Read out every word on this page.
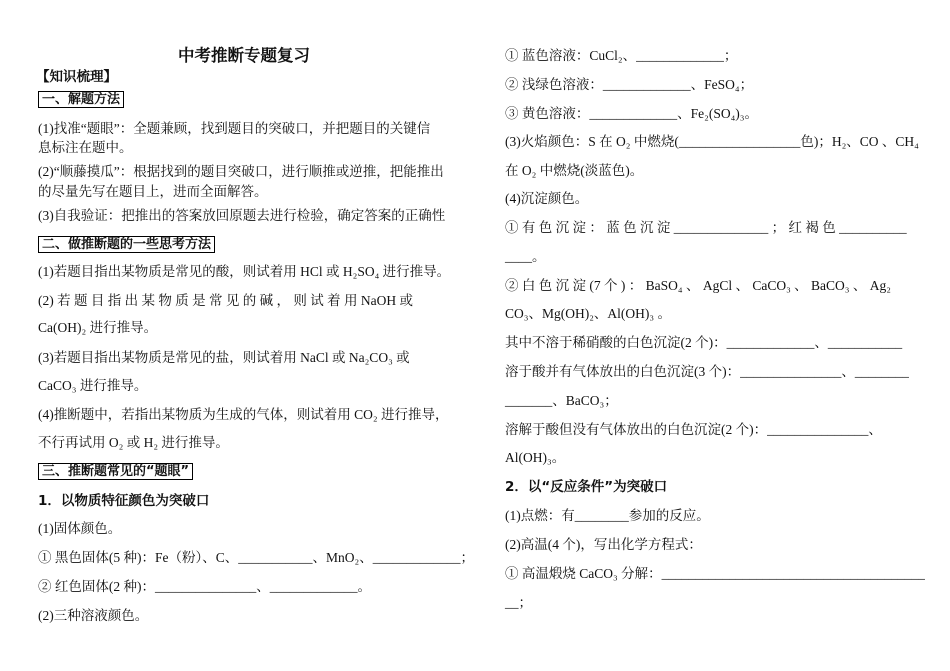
中考推断专题复习
【知识梳理】
一、解题方法
(1)找准“题眼”：全题兼顾，找到题目的突破口，并把题目的关键信
息标注在题中。
(2)“顺藤摸瓜”：根据找到的题目突破口，进行顺推或逆推，把能推出
的尽量先写在题目上，进而全面解答。
(3)自我验证：把推出的答案放回原题去进行检验，确定答案的正确性
二、做推断题的一些思考方法
(1)若题目指出某物质是常见的酸，则试着用 HCl 或 H₂SO₄ 进行推导。
(2) 若 题 目 指 出 某 物 质 是 常 见 的 碱 ， 则 试 着 用 NaOH 或
Ca(OH)₂ 进行推导。
(3)若题目指出某物质是常见的盐，则试着用 NaCl 或 Na₂CO₃ 或
CaCO₃ 进行推导。
(4)推断题中，若指出某物质为生成的气体，则试着用 CO₂ 进行推导，
不行再试用 O₂ 或 H₂ 进行推导。
三、推断题常见的“题眼”
1．以物质特征颜色为突破口
(1)固体颜色。
① 黑色固体(5 种)：Fe（粉）、C、___________、MnO₂、_____________；
② 红色固体(2 种)：_______________、_____________。
(2)三种溶液颜色。
① 蓝色溶液：CuCl₂、_____________；
② 浅绿色溶液：_____________、FeSO₄；
③ 黄色溶液：_____________、Fe₂(SO₄)₃。
(3)火焰颜色：S 在 O₂ 中燃烧(__________________色)；H₂、CO 、CH₄
在 O₂ 中燃烧(淡蓝色)。
(4)沉淀颜色。
① 有 色 沉 淀 ： 蓝 色 沉 淀 ______________ ； 红 褐 色 __________
____。
② 白 色 沉 淀 (7 个 ) ： BaSO₄ 、 AgCl 、 CaCO₃ 、 BaCO₃ 、 Ag₂
CO₃、Mg(OH)₂、Al(OH)₃ 。
其中不溶于稀硝酸的白色沉淀(2 个)：_____________、___________
溶于酸并有气体放出的白色沉淀(3 个)：_______________、________
_______、BaCO₃；
溶解于酸但没有气体放出的白色沉淀(2 个)：_______________、
Al(OH)₃。
2．以“反应条件”为突破口
(1)点燃：有________参加的反应。
(2)高温(4 个)，写出化学方程式：
① 高温煅烧 CaCO₃ 分解：_______________________________________
__；
